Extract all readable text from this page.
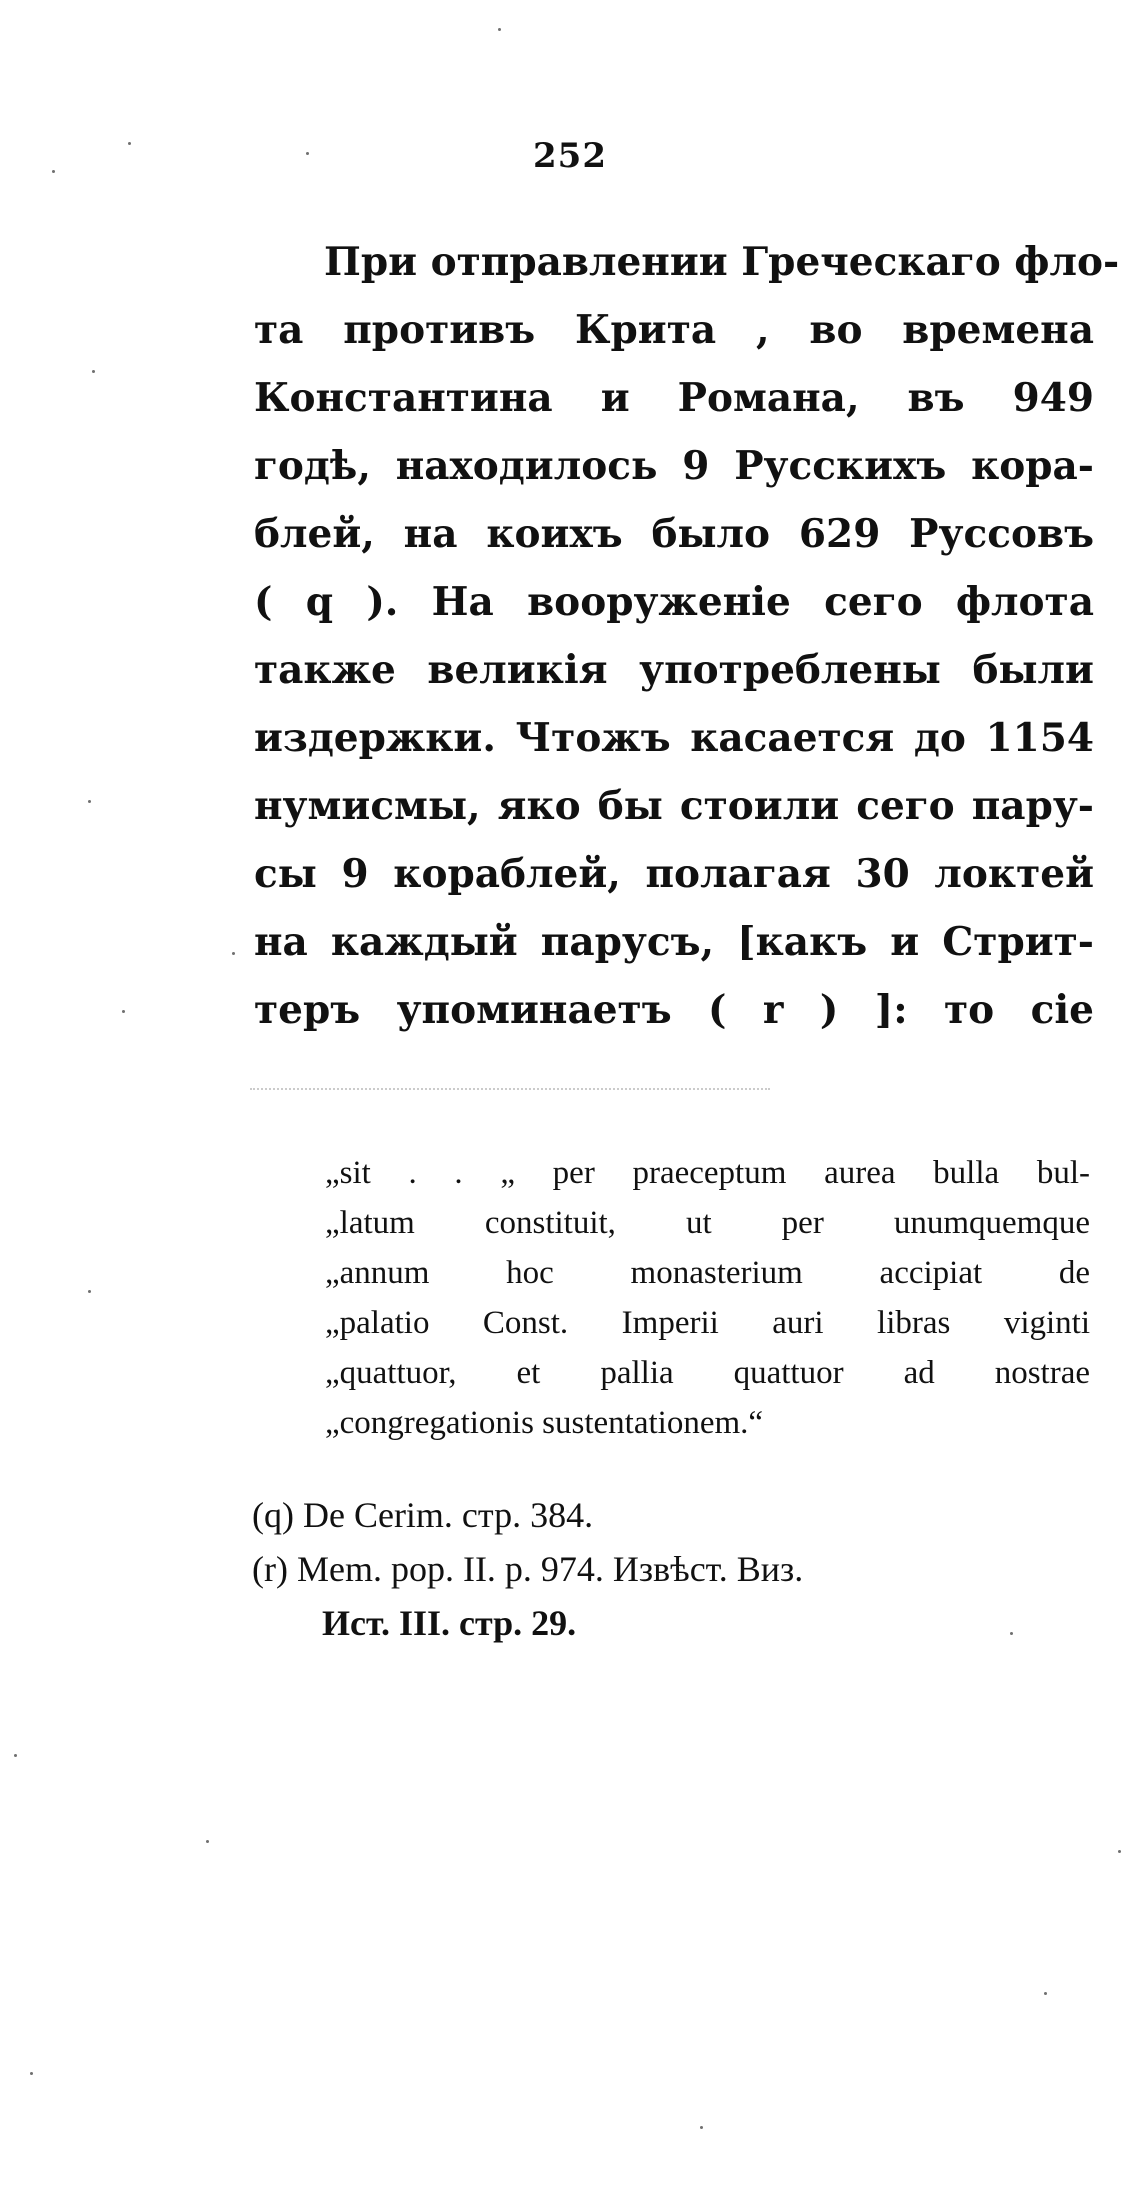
252
При отправлении Греческаго фло-
та противъ Крита , во времена
Константина и Романа, въ 949
годѣ, находилось 9 Русскихъ кора-
блей, на коихъ было 629 Руссовъ
( q ). На вооруженіе сего флота
также великія употреблены были
издержки. Чтожъ касается до 1154
нумисмы, яко бы стоили сего пару-
сы 9 кораблей, полагая 30 локтей
на каждый парусъ, [какъ и Стрит-
теръ упоминаетъ ( r ) ]: то сіе
„sit . . „ per praeceptum aurea bulla bul-
„latum constituit, ut per unumquemque
„annum hoc monasterium accipiat de
„palatio Const. Imperii auri libras viginti
„quattuor, et pallia quattuor ad nostrae
„congregationis sustentationem.“
(q) De Cerim. стр. 384.
(r) Mem. pop. II. p. 974. Извѣст. Виз.
Ист. III. стр. 29.
